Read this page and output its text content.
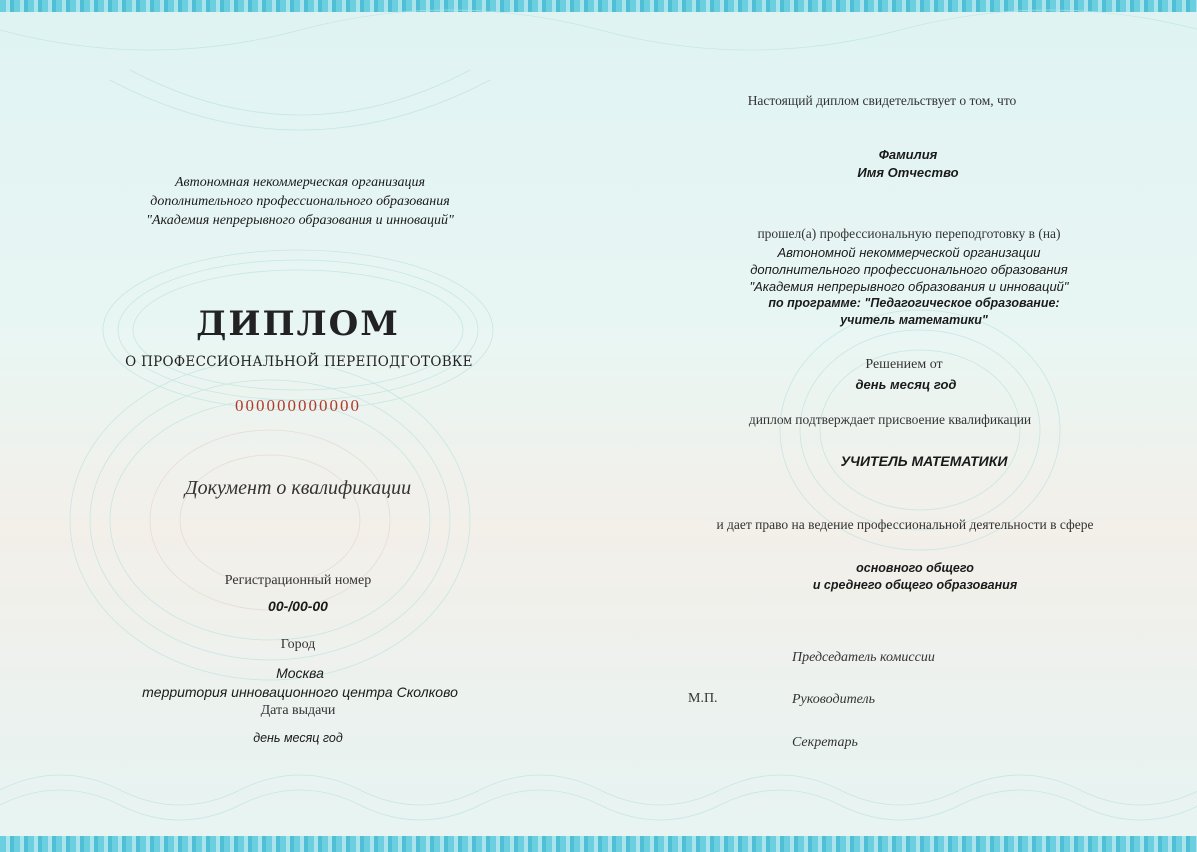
Автономная некоммерческая организация
дополнительного профессионального образования
"Академия непрерывного образования и инноваций"
ДИПЛОМ
О ПРОФЕССИОНАЛЬНОЙ ПЕРЕПОДГОТОВКЕ
000000000000
Документ о квалификации
Регистрационный номер
00-/00-00
Город
Москва
территория инновационного центра Сколково
Дата выдачи
день месяц год
Настоящий диплом свидетельствует о том, что
Фамилия
Имя Отчество
прошел(а) профессиональную переподготовку в (на)
Автономной некоммерческой организации
дополнительного профессионального образования
"Академия непрерывного образования и инноваций"
по программе: "Педагогическое образование:
учитель математики"
Решением от
день месяц год
диплом подтверждает присвоение квалификации
УЧИТЕЛЬ МАТЕМАТИКИ
и дает право на ведение профессиональной деятельности в сфере
основного общего
и среднего общего образования
М.П.
Председатель комиссии
Руководитель
Секретарь
